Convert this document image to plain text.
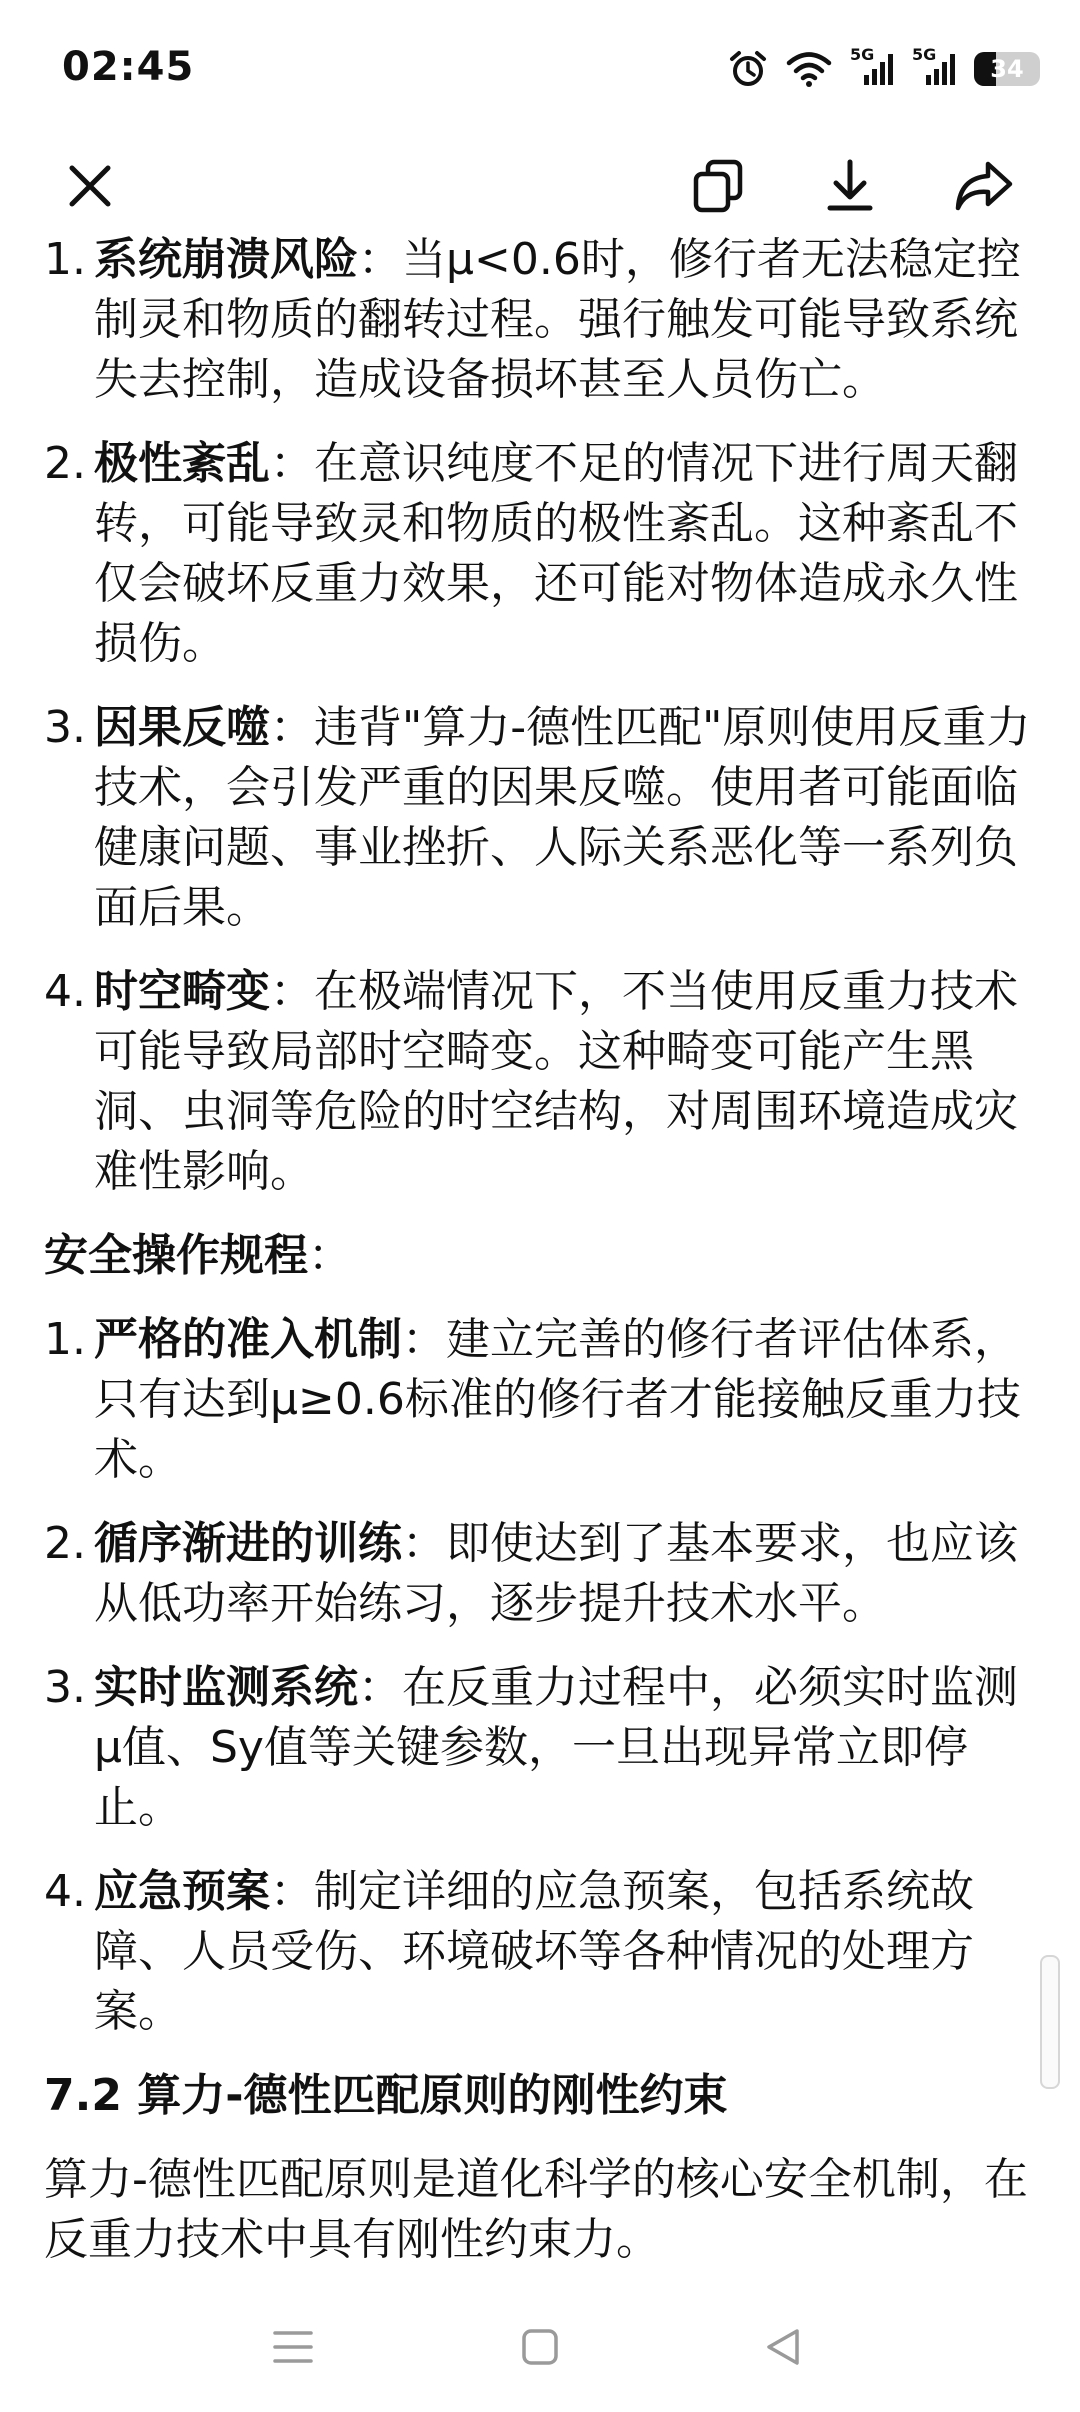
02:45	5G 5G
34
1. 系统崩溃风险：当μ<0.6时，修行者无法稳定控制灵和物质的翻转过程。强行触发可能导致系统失去控制，造成设备损坏甚至人员伤亡。
2. 极性紊乱：在意识纯度不足的情况下进行周天翻转，可能导致灵和物质的极性紊乱。这种紊乱不仅会破坏反重力效果，还可能对物体造成永久性损伤。
3. 因果反噬：违背"算力-德性匹配"原则使用反重力技术，会引发严重的因果反噬。使用者可能面临健康问题、事业挫折、人际关系恶化等一系列负面后果。
4. 时空畸变：在极端情况下，不当使用反重力技术可能导致局部时空畸变。这种畸变可能产生黑洞、虫洞等危险的时空结构，对周围环境造成灾难性影响。
安全操作规程：
1. 严格的准入机制：建立完善的修行者评估体系，只有达到μ≥0.6标准的修行者才能接触反重力技术。
2. 循序渐进的训练：即使达到了基本要求，也应该从低功率开始练习，逐步提升技术水平。
3. 实时监测系统：在反重力过程中，必须实时监测μ值、Sy值等关键参数，一旦出现异常立即停止。
4. 应急预案：制定详细的应急预案，包括系统故障、人员受伤、环境破坏等各种情况的处理方案。
7.2 算力-德性匹配原则的刚性约束

算力-德性匹配原则是道化科学的核心安全机制，在反重力技术中具有刚性约束力。
